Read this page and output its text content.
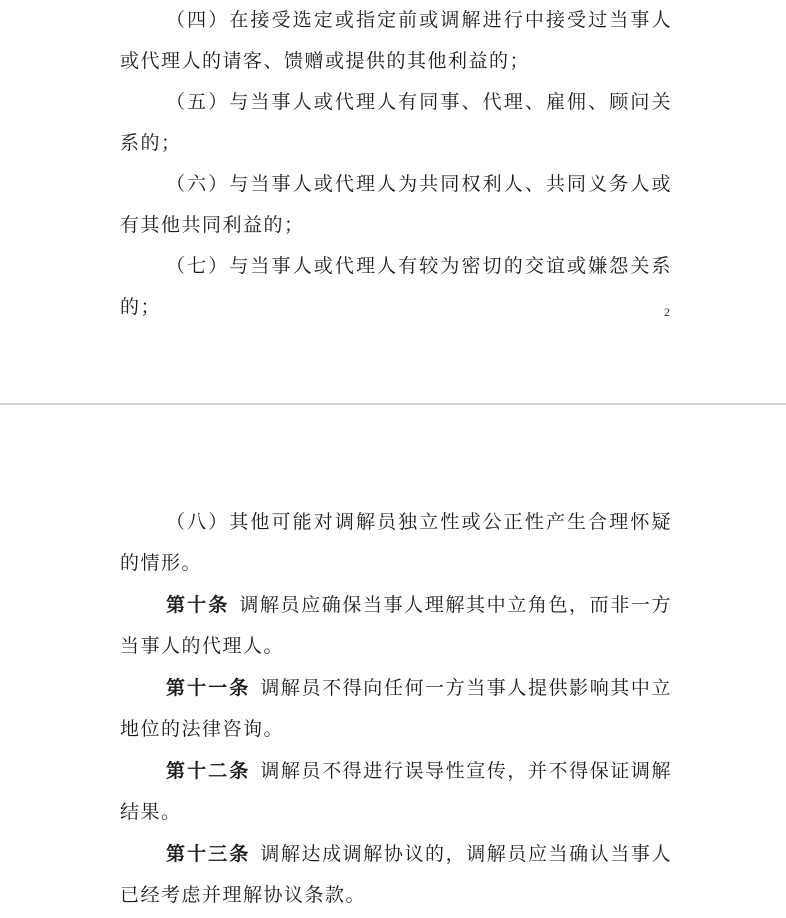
（四）在接受选定或指定前或调解进行中接受过当事人或代理人的请客、馈赠或提供的其他利益的；

（五）与当事人或代理人有同事、代理、雇佣、顾问关系的；

（六）与当事人或代理人为共同权利人、共同义务人或有其他共同利益的；

（七）与当事人或代理人有较为密切的交谊或嫌怨关系的；	2

（八）其他可能对调解员独立性或公正性产生合理怀疑的情形。

第十条 调解员应确保当事人理解其中立角色，而非一方当事人的代理人。

第十一条 调解员不得向任何一方当事人提供影响其中立地位的法律咨询。

第十二条 调解员不得进行误导性宣传，并不得保证调解结果。

第十三条 调解达成调解协议的，调解员应当确认当事人已经考虑并理解协议条款。
